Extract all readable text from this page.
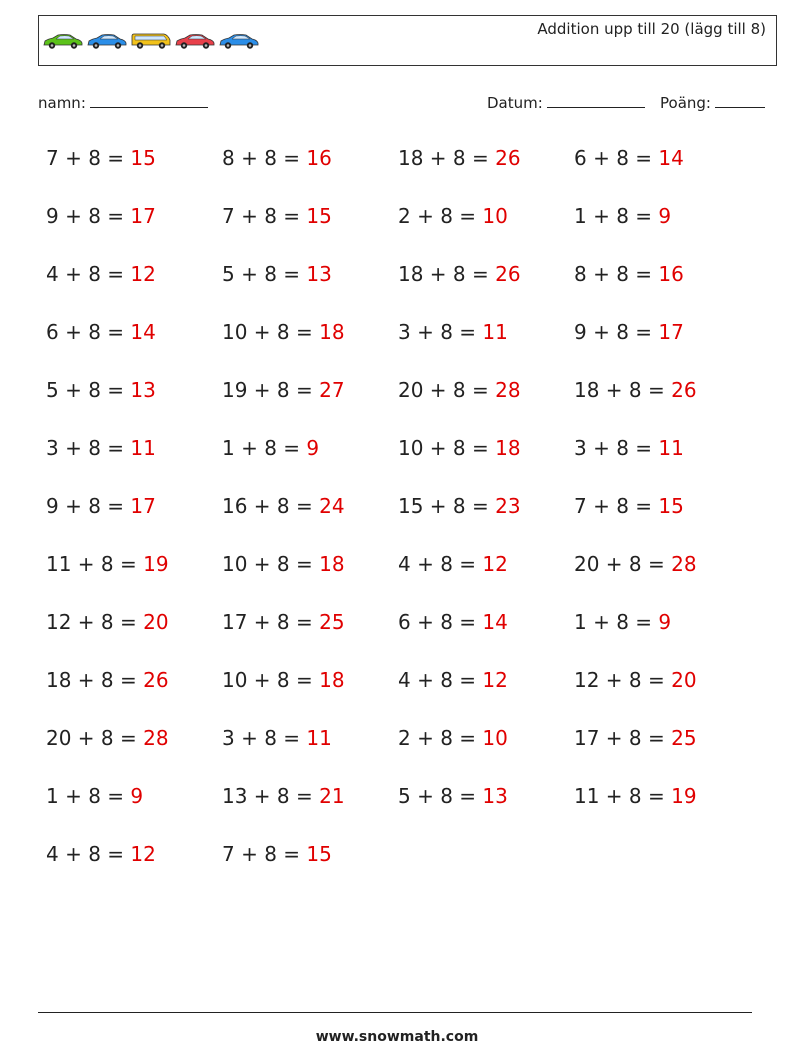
Addition upp till 20 (lägg till 8)
namn:	Datum:	Poäng:
7 + 8 = 15	8 + 8 = 16	18 + 8 = 26	6 + 8 = 14
9 + 8 = 17	7 + 8 = 15	2 + 8 = 10	1 + 8 = 9
4 + 8 = 12	5 + 8 = 13	18 + 8 = 26	8 + 8 = 16
6 + 8 = 14	10 + 8 = 18	3 + 8 = 11	9 + 8 = 17
5 + 8 = 13	19 + 8 = 27	20 + 8 = 28	18 + 8 = 26
3 + 8 = 11	1 + 8 = 9	10 + 8 = 18	3 + 8 = 11
9 + 8 = 17	16 + 8 = 24	15 + 8 = 23	7 + 8 = 15
11 + 8 = 19	10 + 8 = 18	4 + 8 = 12	20 + 8 = 28
12 + 8 = 20	17 + 8 = 25	6 + 8 = 14	1 + 8 = 9
18 + 8 = 26	10 + 8 = 18	4 + 8 = 12	12 + 8 = 20
20 + 8 = 28	3 + 8 = 11	2 + 8 = 10	17 + 8 = 25
1 + 8 = 9	13 + 8 = 21	5 + 8 = 13	11 + 8 = 19
4 + 8 = 12	7 + 8 = 15
www.snowmath.com
